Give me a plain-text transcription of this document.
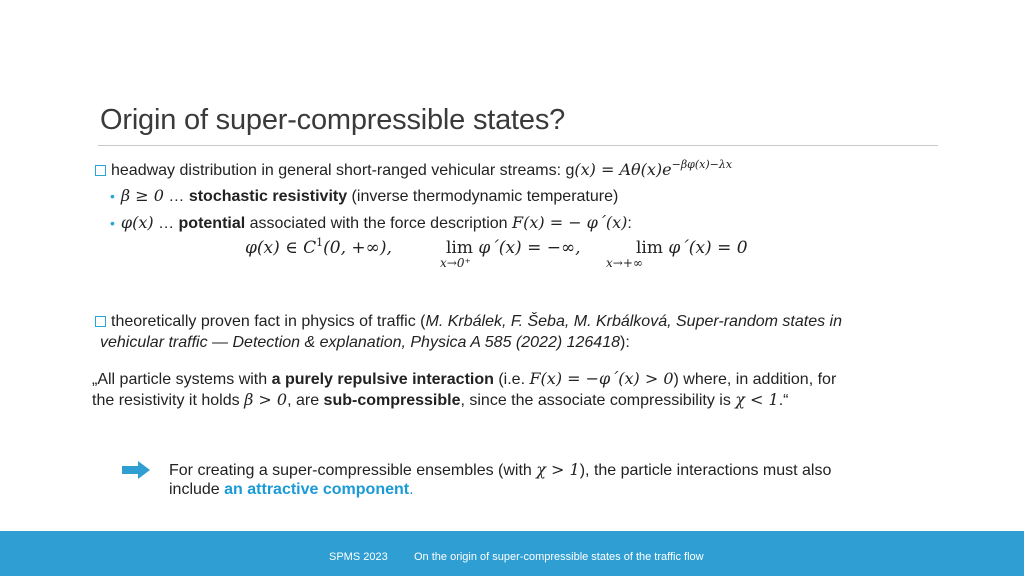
Origin of super-compressible states?
headway distribution in general short-ranged vehicular streams: $g(x) = A\theta(x)e^{-\beta\varphi(x)-\lambda x}$
• β ≥ 0 … stochastic resistivity (inverse thermodynamic temperature)
• φ(x) … potential associated with the force description F(x) = − φ´(x):
φ(x) ∈ $C^1(0$, +∞),	lim
x→0⁺
φ´(x) = −∞,	lim
x→+∞
φ´(x) = 0
theoretically proven fact in physics of traffic (M. Krbálek, F. Šeba, M. Krbálková, Super-random states in
vehicular traffic — Detection & explanation, Physica A 585 (2022) 126418):
„All particle systems with a purely repulsive interaction (i.e. F(x) = −φ´(x) > 0) where, in addition, for
the resistivity it holds β > 0, are sub-compressible, since the associate compressibility is χ < 1.“
For creating a super-compressible ensembles (with χ > 1), the particle interactions must also
include an attractive component.
SPMS 2023 On the origin of super-compressible states of the traffic flow
